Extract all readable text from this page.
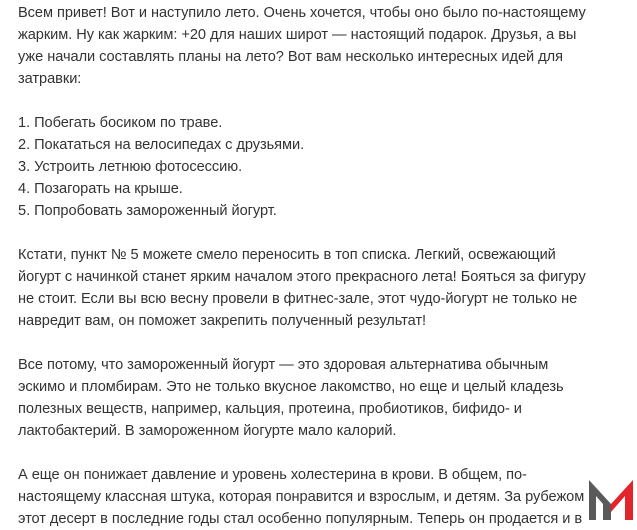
Всем привет! Вот и наступило лето. Очень хочется, чтобы оно было по-настоящему
жарким. Ну как жарким: +20 для наших широт — настоящий подарок. Друзья, а вы
уже начали составлять планы на лето? Вот вам несколько интересных идей для
затравки:
1. Побегать босиком по траве.
2. Покататься на велосипедах с друзьями.
3. Устроить летнюю фотосессию.
4. Позагорать на крыше.
5. Попробовать замороженный йогурт.
Кстати, пункт № 5 можете смело переносить в топ списка. Легкий, освежающий
йогурт с начинкой станет ярким началом этого прекрасного лета! Бояться за фигуру
не стоит. Если вы всю весну провели в фитнес-зале, этот чудо-йогурт не только не
навредит вам, он поможет закрепить полученный результат!
Все потому, что замороженный йогурт — это здоровая альтернатива обычным
эскимо и пломбирам. Это не только вкусное лакомство, но еще и целый кладезь
полезных веществ, например, кальция, протеина, пробиотиков, бифидо- и
лактобактерий. В замороженном йогурте мало калорий.
А еще он понижает давление и уровень холестерина в крови. В общем, по-
настоящему классная штука, которая понравится и взрослым, и детям. За рубежом
этот десерт в последние годы стал особенно популярным. Теперь он продается и в
